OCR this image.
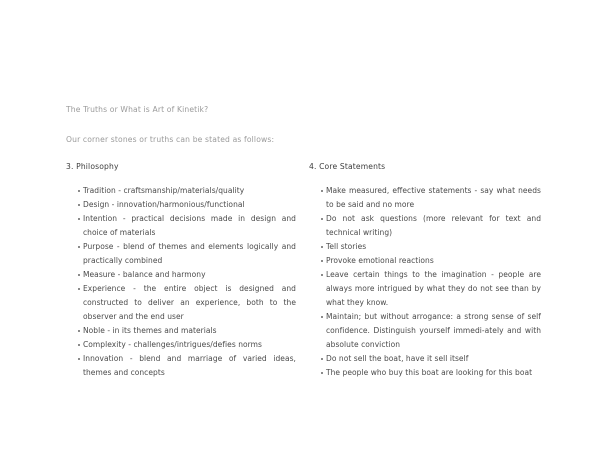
The Truths or What is Art of Kinetik?
Our corner stones or truths can be stated as follows:
3. Philosophy
Tradition - craftsmanship/materials/quality
Design - innovation/harmonious/functional
Intention - practical decisions made in design and choice of materials
Purpose - blend of themes and elements logically and practically combined
Measure - balance and harmony
Experience - the entire object is designed and constructed to deliver an experience, both to the observer and the end user
Noble - in its themes and materials
Complexity - challenges/intrigues/defies norms
Innovation - blend and marriage of varied ideas, themes and concepts
4. Core Statements
Make measured, effective statements - say what needs to be said and no more
Do not ask questions (more relevant for text and technical writing)
Tell stories
Provoke emotional reactions
Leave certain things to the imagination - people are always more intrigued by what they do not see than by what they know.
Maintain; but without arrogance: a strong sense of self confidence. Distinguish yourself immedi-ately and with absolute conviction
Do not sell the boat, have it sell itself
The people who buy this boat are looking for this boat
